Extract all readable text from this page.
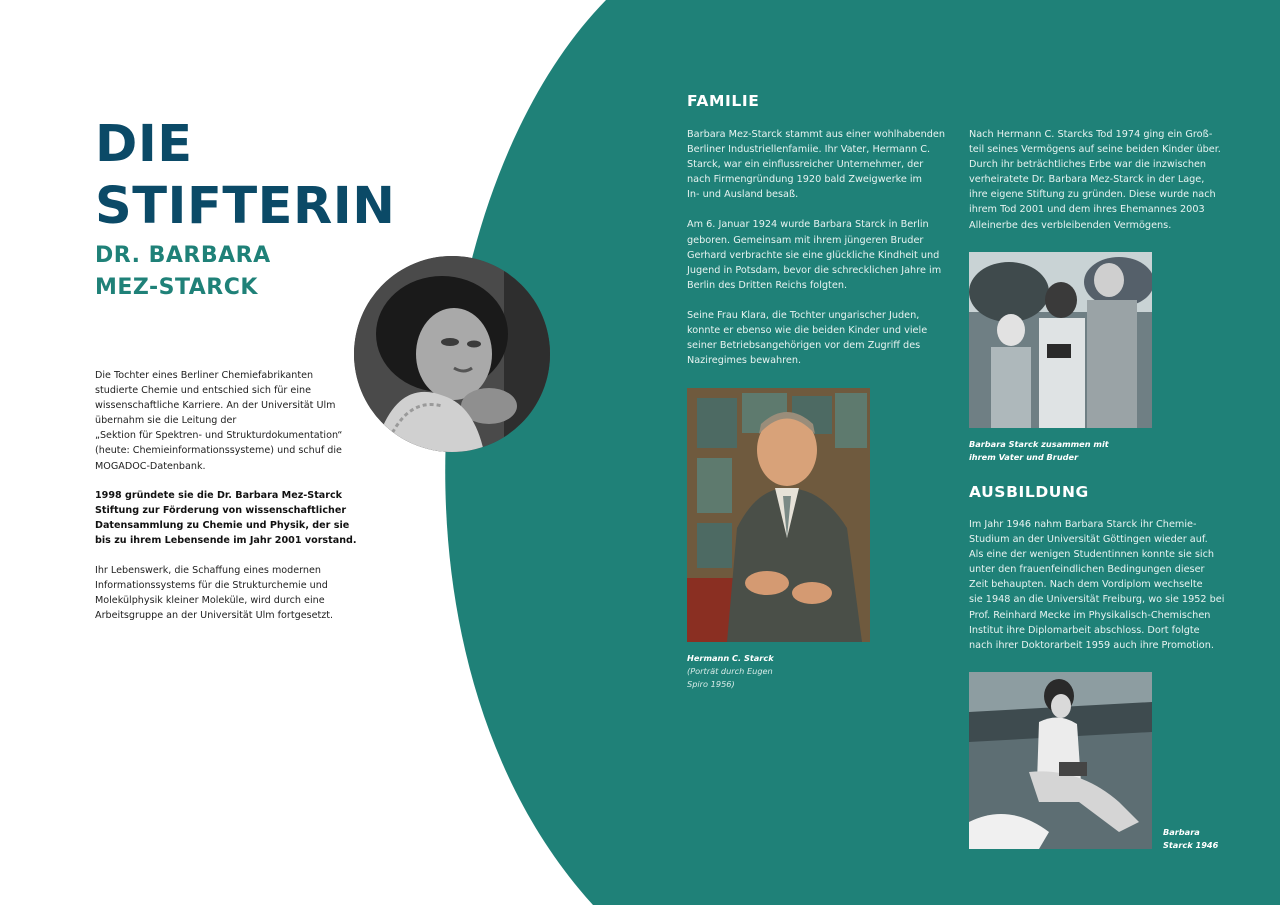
DIE
STIFTERIN
DR. BARBARA
MEZ-STARCK
Die Tochter eines Berliner Chemiefabrikanten
studierte Chemie und entschied sich für eine
wissenschaftliche Karriere. An der Universität Ulm
übernahm sie die Leitung der
„Sektion für Spektren- und Strukturdokumentation“
(heute: Chemieinformationssysteme) und schuf die
MOGADOC-Datenbank.
1998 gründete sie die Dr. Barbara Mez-Starck
Stiftung zur Förderung von wissenschaftlicher
Datensammlung zu Chemie und Physik, der sie
bis zu ihrem Lebensende im Jahr 2001 vorstand.
Ihr Lebenswerk, die Schaffung eines modernen
Informationssystems für die Strukturchemie und
Molekülphysik kleiner Moleküle, wird durch eine
Arbeitsgruppe an der Universität Ulm fortgesetzt.
FAMILIE
Barbara Mez-Starck stammt aus einer wohlhabenden
Berliner Industriellenfamiie. Ihr Vater, Hermann C.
Starck, war ein einflussreicher Unternehmer, der
nach Firmengründung 1920 bald Zweigwerke im
In- und Ausland besaß.
Am 6. Januar 1924 wurde Barbara Starck in Berlin
geboren. Gemeinsam mit ihrem jüngeren Bruder
Gerhard verbrachte sie eine glückliche Kindheit und
Jugend in Potsdam, bevor die schrecklichen Jahre im
Berlin des Dritten Reichs folgten.
Seine Frau Klara, die Tochter ungarischer Juden,
konnte er ebenso wie die beiden Kinder und viele
seiner Betriebsangehörigen vor dem Zugriff des
Naziregimes bewahren.
Nach Hermann C. Starcks Tod 1974 ging ein Groß-
teil seines Vermögens auf seine beiden Kinder über.
Durch ihr beträchtliches Erbe war die inzwischen
verheiratete Dr. Barbara Mez-Starck in der Lage,
ihre eigene Stiftung zu gründen. Diese wurde nach
ihrem Tod 2001 und dem ihres Ehemannes 2003
Alleinerbe des verbleibenden Vermögens.
Barbara Starck zusammen mit
ihrem Vater und Bruder
Hermann C. Starck
(Porträt durch Eugen
Spiro 1956)
AUSBILDUNG
Im Jahr 1946 nahm Barbara Starck ihr Chemie-
Studium an der Universität Göttingen wieder auf.
Als eine der wenigen Studentinnen konnte sie sich
unter den frauenfeindlichen Bedingungen dieser
Zeit behaupten. Nach dem Vordiplom wechselte
sie 1948 an die Universität Freiburg, wo sie 1952 bei
Prof. Reinhard Mecke im Physikalisch-Chemischen
Institut ihre Diplomarbeit abschloss. Dort folgte
nach ihrer Doktorarbeit 1959 auch ihre Promotion.
Barbara
Starck 1946
